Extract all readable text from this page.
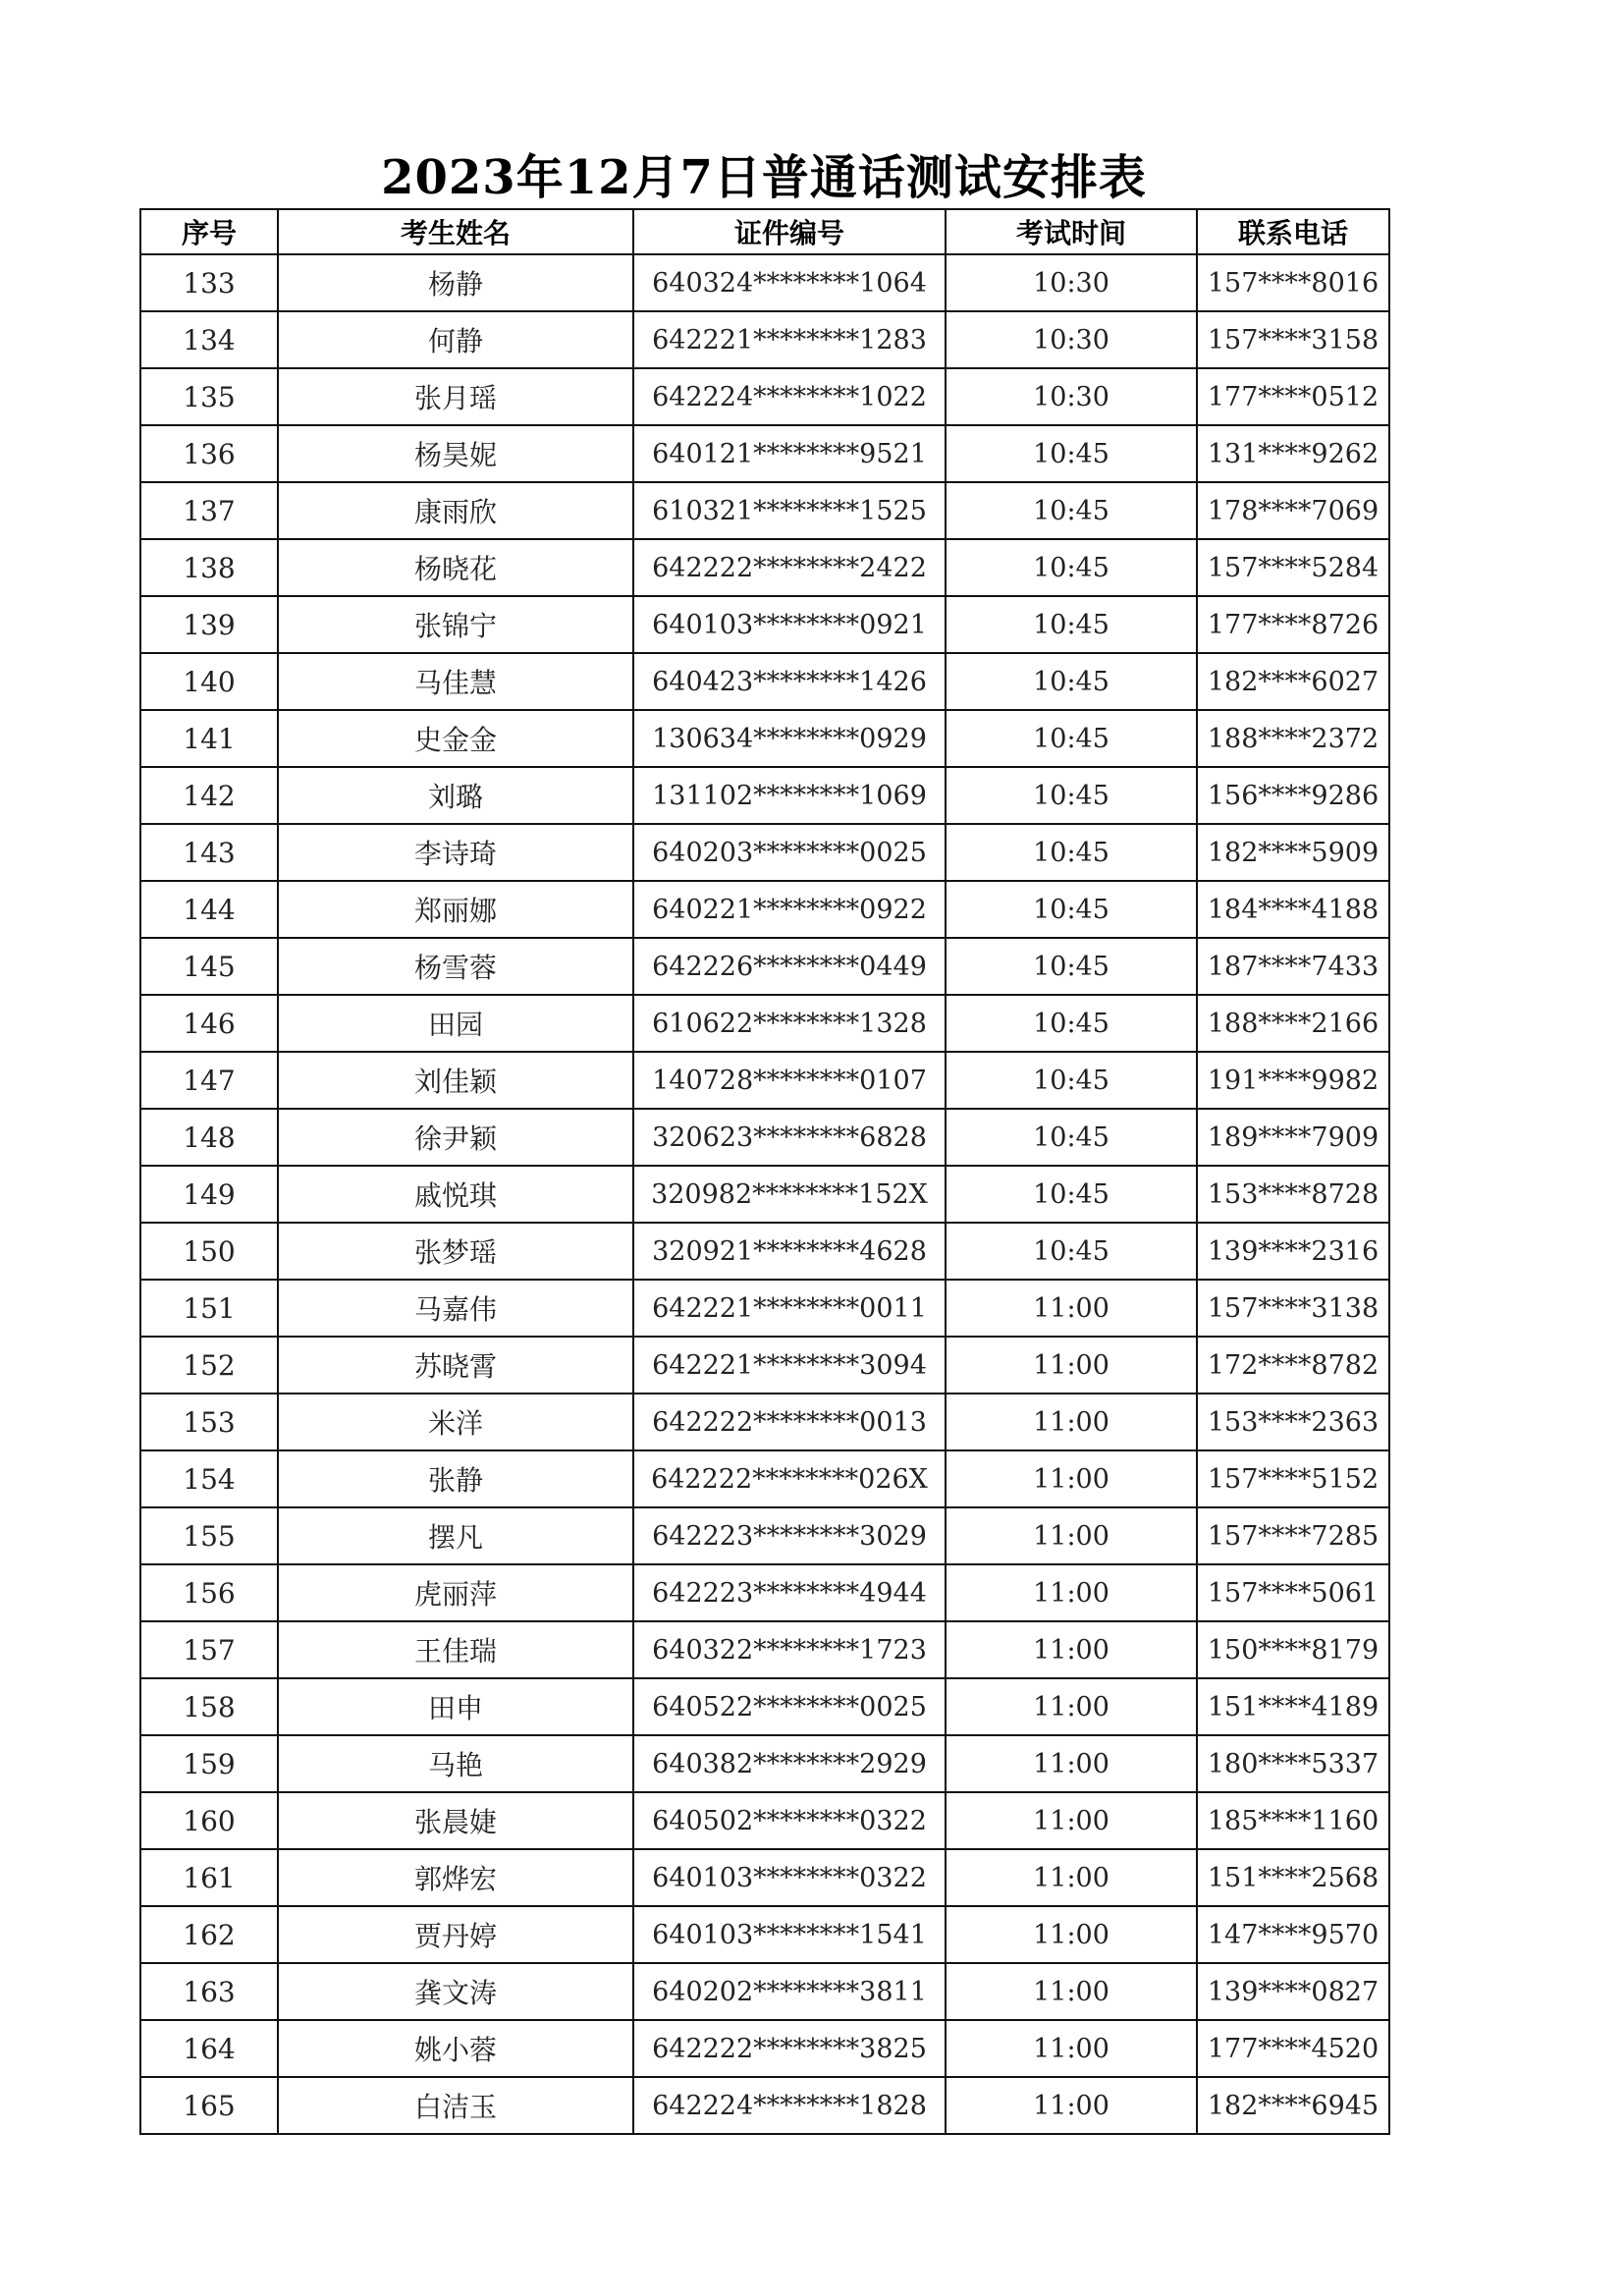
2023年12月7日普通话测试安排表
序号	考生姓名	证件编号	考试时间	联系电话
133	杨静	640324********1064	10:30	157****8016
134	何静	642221********1283	10:30	157****3158
135	张月瑶	642224********1022	10:30	177****0512
136	杨昊妮	640121********9521	10:45	131****9262
137	康雨欣	610321********1525	10:45	178****7069
138	杨晓花	642222********2422	10:45	157****5284
139	张锦宁	640103********0921	10:45	177****8726
140	马佳慧	640423********1426	10:45	182****6027
141	史金金	130634********0929	10:45	188****2372
142	刘璐	131102********1069	10:45	156****9286
143	李诗琦	640203********0025	10:45	182****5909
144	郑丽娜	640221********0922	10:45	184****4188
145	杨雪蓉	642226********0449	10:45	187****7433
146	田园	610622********1328	10:45	188****2166
147	刘佳颖	140728********0107	10:45	191****9982
148	徐尹颖	320623********6828	10:45	189****7909
149	戚悦琪	320982********152X	10:45	153****8728
150	张梦瑶	320921********4628	10:45	139****2316
151	马嘉伟	642221********0011	11:00	157****3138
152	苏晓霄	642221********3094	11:00	172****8782
153	米洋	642222********0013	11:00	153****2363
154	张静	642222********026X	11:00	157****5152
155	摆凡	642223********3029	11:00	157****7285
156	虎丽萍	642223********4944	11:00	157****5061
157	王佳瑞	640322********1723	11:00	150****8179
158	田申	640522********0025	11:00	151****4189
159	马艳	640382********2929	11:00	180****5337
160	张晨婕	640502********0322	11:00	185****1160
161	郭烨宏	640103********0322	11:00	151****2568
162	贾丹婷	640103********1541	11:00	147****9570
163	龚文涛	640202********3811	11:00	139****0827
164	姚小蓉	642222********3825	11:00	177****4520
165	白洁玉	642224********1828	11:00	182****6945
